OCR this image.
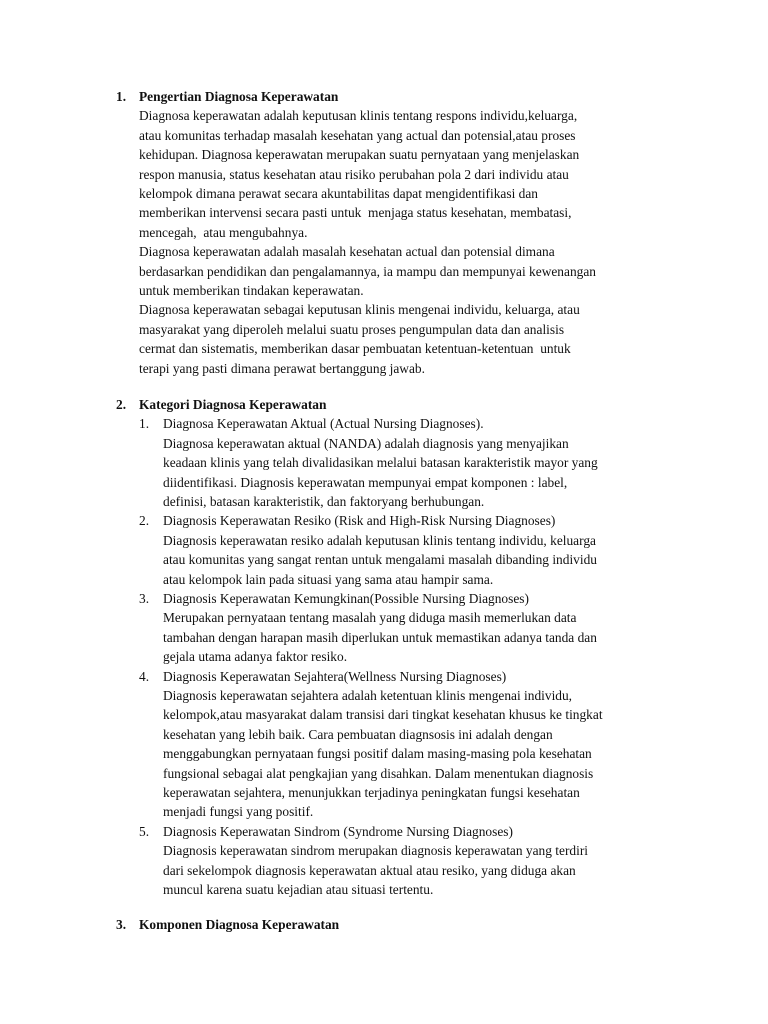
1. Pengertian Diagnosa Keperawatan

Diagnosa keperawatan adalah keputusan klinis tentang respons individu,keluarga,
atau komunitas terhadap masalah kesehatan yang actual dan potensial,atau proses
kehidupan. Diagnosa keperawatan merupakan suatu pernyataan yang menjelaskan
respon manusia, status kesehatan atau risiko perubahan pola 2 dari individu atau
kelompok dimana perawat secara akuntabilitas dapat mengidentifikasi dan
memberikan intervensi secara pasti untuk  menjaga status kesehatan, membatasi,
mencegah,  atau mengubahnya.

Diagnosa keperawatan adalah masalah kesehatan actual dan potensial dimana
berdasarkan pendidikan dan pengalamannya, ia mampu dan mempunyai kewenangan
untuk memberikan tindakan keperawatan.

Diagnosa keperawatan sebagai keputusan klinis mengenai individu, keluarga, atau
masyarakat yang diperoleh melalui suatu proses pengumpulan data dan analisis
cermat dan sistematis, memberikan dasar pembuatan ketentuan-ketentuan  untuk
terapi yang pasti dimana perawat bertanggung jawab.

2. Kategori Diagnosa Keperawatan
1. Diagnosa Keperawatan Aktual (Actual Nursing Diagnoses).

Diagnosa keperawatan aktual (NANDA) adalah diagnosis yang menyajikan
keadaan klinis yang telah divalidasikan melalui batasan karakteristik mayor yang
diidentifikasi. Diagnosis keperawatan mempunyai empat komponen : label,
definisi, batasan karakteristik, dan faktoryang berhubungan.

2. Diagnosis Keperawatan Resiko (Risk and High-Risk Nursing Diagnoses)

Diagnosis keperawatan resiko adalah keputusan klinis tentang individu, keluarga
atau komunitas yang sangat rentan untuk mengalami masalah dibanding individu
atau kelompok lain pada situasi yang sama atau hampir sama.

3. Diagnosis Keperawatan Kemungkinan(Possible Nursing Diagnoses)

Merupakan pernyataan tentang masalah yang diduga masih memerlukan data
tambahan dengan harapan masih diperlukan untuk memastikan adanya tanda dan
gejala utama adanya faktor resiko.

4. Diagnosis Keperawatan Sejahtera(Wellness Nursing Diagnoses)

Diagnosis keperawatan sejahtera adalah ketentuan klinis mengenai individu,
kelompok,atau masyarakat dalam transisi dari tingkat kesehatan khusus ke tingkat
kesehatan yang lebih baik. Cara pembuatan diagnsosis ini adalah dengan
menggabungkan pernyataan fungsi positif dalam masing-masing pola kesehatan
fungsional sebagai alat pengkajian yang disahkan. Dalam menentukan diagnosis
keperawatan sejahtera, menunjukkan terjadinya peningkatan fungsi kesehatan
menjadi fungsi yang positif.

5. Diagnosis Keperawatan Sindrom (Syndrome Nursing Diagnoses)

Diagnosis keperawatan sindrom merupakan diagnosis keperawatan yang terdiri
dari sekelompok diagnosis keperawatan aktual atau resiko, yang diduga akan
muncul karena suatu kejadian atau situasi tertentu.

3. Komponen Diagnosa Keperawatan
